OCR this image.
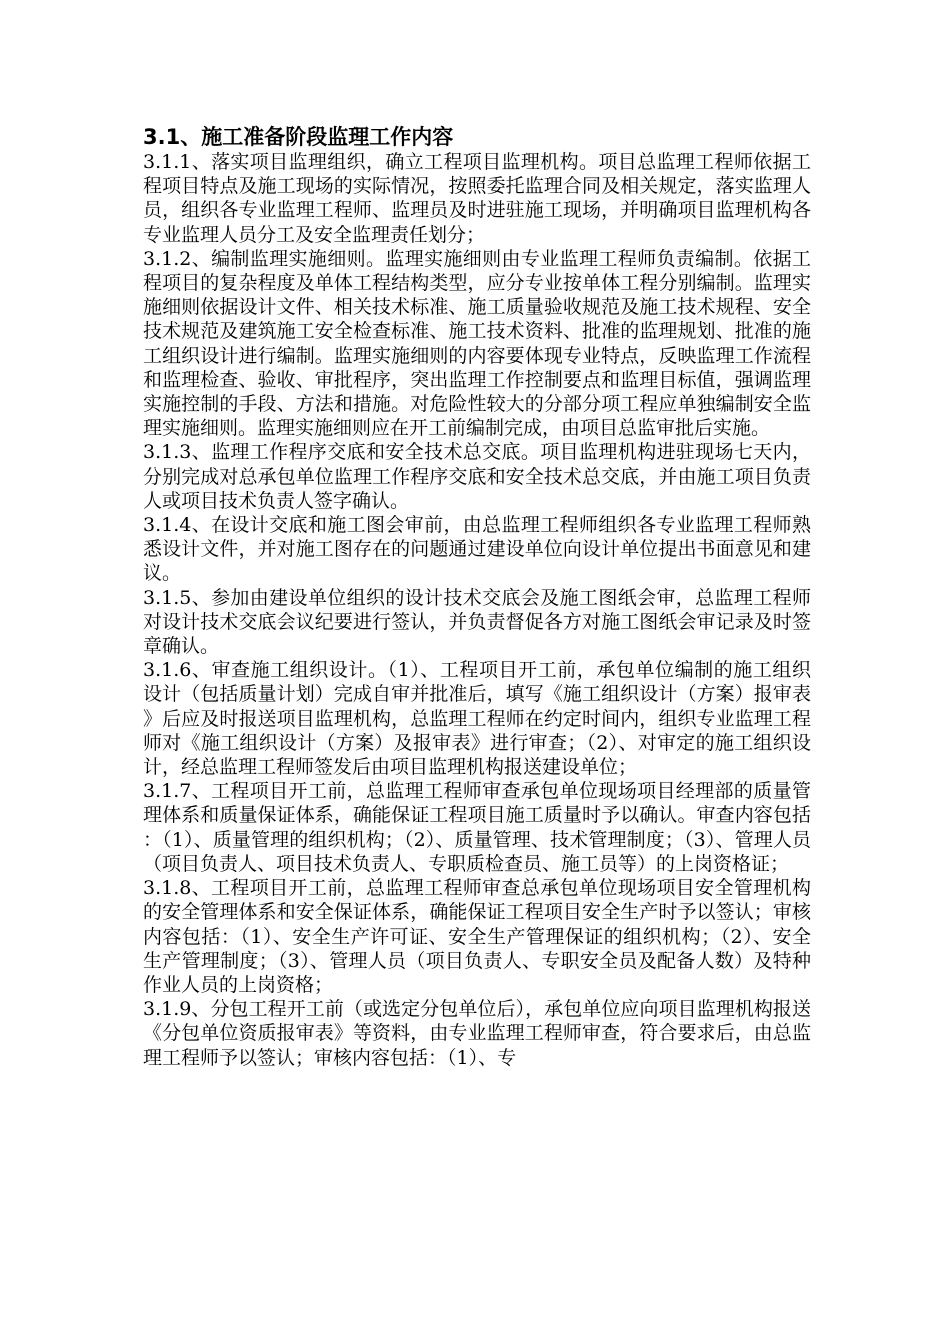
3.1、施工准备阶段监理工作内容

3.1.1、落实项目监理组织，确立工程项目监理机构。项目总监理工程师依据工程项目特点及施工现场的实际情况，按照委托监理合同及相关规定，落实监理人员，组织各专业监理工程师、监理员及时进驻施工现场，并明确项目监理机构各专业监理人员分工及安全监理责任划分；

3.1.2、编制监理实施细则。监理实施细则由专业监理工程师负责编制。依据工程项目的复杂程度及单体工程结构类型，应分专业按单体工程分别编制。监理实施细则依据设计文件、相关技术标准、施工质量验收规范及施工技术规程、安全技术规范及建筑施工安全检查标准、施工技术资料、批准的监理规划、批准的施工组织设计进行编制。监理实施细则的内容要体现专业特点，反映监理工作流程和监理检查、验收、审批程序，突出监理工作控制要点和监理目标值，强调监理实施控制的手段、方法和措施。对危险性较大的分部分项工程应单独编制安全监理实施细则。监理实施细则应在开工前编制完成，由项目总监审批后实施。

3.1.3、监理工作程序交底和安全技术总交底。项目监理机构进驻现场七天内，分别完成对总承包单位监理工作程序交底和安全技术总交底，并由施工项目负责人或项目技术负责人签字确认。

3.1.4、在设计交底和施工图会审前，由总监理工程师组织各专业监理工程师熟悉设计文件，并对施工图存在的问题通过建设单位向设计单位提出书面意见和建议。

3.1.5、参加由建设单位组织的设计技术交底会及施工图纸会审，总监理工程师对设计技术交底会议纪要进行签认，并负责督促各方对施工图纸会审记录及时签章确认。

3.1.6、审查施工组织设计。（1）、工程项目开工前，承包单位编制的施工组织设计（包括质量计划）完成自审并批准后，填写《施工组织设计（方案）报审表》后应及时报送项目监理机构，总监理工程师在约定时间内，组织专业监理工程师对《施工组织设计（方案）及报审表》进行审查；（2）、对审定的施工组织设计，经总监理工程师签发后由项目监理机构报送建设单位；

3.1.7、工程项目开工前，总监理工程师审查承包单位现场项目经理部的质量管理体系和质量保证体系，确能保证工程项目施工质量时予以确认。审查内容包括：（1）、质量管理的组织机构；（2）、质量管理、技术管理制度；（3）、管理人员（项目负责人、项目技术负责人、专职质检查员、施工员等）的上岗资格证；

3.1.8、工程项目开工前，总监理工程师审查总承包单位现场项目安全管理机构的安全管理体系和安全保证体系，确能保证工程项目安全生产时予以签认；审核内容包括：（1）、安全生产许可证、安全生产管理保证的组织机构；（2）、安全生产管理制度；（3）、管理人员（项目负责人、专职安全员及配备人数）及特种作业人员的上岗资格；

3.1.9、分包工程开工前（或选定分包单位后），承包单位应向项目监理机构报送《分包单位资质报审表》等资料，由专业监理工程师审查，符合要求后，由总监理工程师予以签认；审核内容包括：（1）、专
